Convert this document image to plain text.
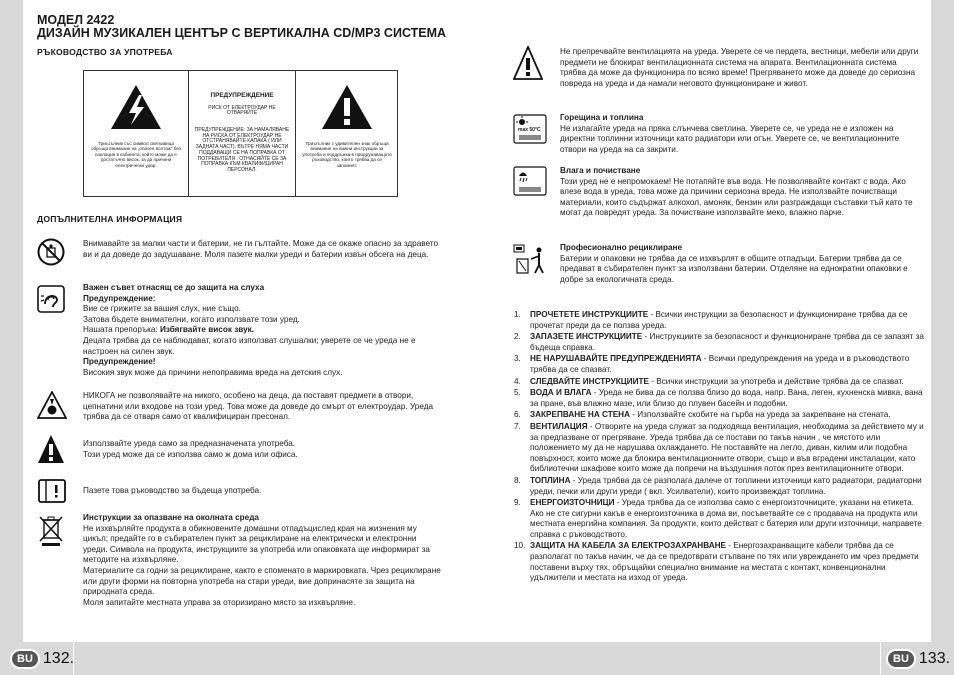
МОДЕЛ 2422
ДИЗАЙН МУЗИКАЛЕН ЦЕНТЪР С ВЕРТИКАЛНА CD/MP3 СИСТЕМА
РЪКОВОДСТВО ЗА УПОТРЕБА
Триъгълник със символ светкавица обръща внимание на „опасен волтаж" без изолация в кабинета, който може да е достатъчно висок, за да причини електрически удар.
ПРЕДУПРЕЖДЕНИЕ
РИСК ОТ ЕЛЕКТРОУДАР НЕ ОТВАРЯЙТЕ
ПРЕДУПРЕЖДЕНИЕ: ЗА НАМАЛЯВАНЕ НА РИСКА ОТ ЕЛЕКТРОУДАР НЕ ОТСТРАНЯВАЙТЕ КАПАКА ( ИЛИ ЗАДНАТА ЧАСТ). ВЪТРЕ НЯМА ЧАСТИ ПОДДАВАЩИ СЕ НА ПОПРАВКА ОТ ПОТРЕБИТЕЛЯ . ОТНАСЯЙТЕ СЕ ЗА ПОПРАВКА КЪМ КВАЛИФИЦИРАН ПЕРСОНАЛ.
Триъгълник с удивителен знак обръща внимание на важни инструкции за употреба и поддръжка в придружаващото ръководство, които трябва да се запомнят.
ДОПЪЛНИТЕЛНА ИНФОРМАЦИЯ
Внимавайте за малки части и батерии, не ги гълтайте. Може да се окаже опасно за здравето ви и да доведе до задушаване. Моля пазете малки уреди и батерии извън обсега на деца.
Важен съвет отнасящ се до защита на слуха
Предупреждение:
Вие се грижите за вашия слух, ние също.
Затова бъдете внимателни, когато използвате този уред.
Нашата препоръка: Избягвайте висок звук.
Децата трябва да се наблюдават, когато използват слушалки; уверете се че уреда не е настроен на силен звук.
Предупреждение!
Високия звук може да причини непоправима вреда на детския слух.
НИКОГА не позволявайте на никого, особено на деца, да поставят предмети в отвори, цепнатини или входове на този уред. Това може да доведе до смърт от електроудар. Уреда трябва да се отваря само от квалифициран пресонал.
Използвайте уреда само за предназначената употреба.
Този уред може да се използва само ж дома или офиса.
Пазете това ръководство за бъдеща употреба.
Инструкции за опазване на околната среда
Не изхвърляйте продукта в обикновените домашни отпадъцислед края на жизнения му цикъл; предайте го в събирателен пункт за рециклиране на електрически и електронни уреди. Символа на продукта, инструкциите за употреба или опаковката ще информират за методите на изхвърляне.
Материалите са годни за рециклиране, както е споменато в маркировката. Чрез рециклиране или други форми на повторна употреба на стари уреди, вие допринасяте за защита на природната среда.
Моля запитайте местната управа за оторизирано място за изхвърляне.
BU 132.
Не препречвайте вентилацията на уреда. Уверете се че пердета, вестници, мебели или други предмети не блокират вентилационната система на апарата. Вентилационната система трябва да може да функционира по всяко време! Прегряването може да доведе до сериозна повреда на уреда и да намали неговото функциониране и живот.
max 50°C
Горещина и топлина
Не излагайте уреда на пряка слънчева светлина. Уверете се, че уреда не е изложен на директни топлинни източници като радиатори или огън. Уверете се, че вентилационните отвори на уреда на са закрити.
Влага и почистване
Този уред не е непромокаем! Не потапяйте във вода. Не позволявайте контакт с вода. Ако влезе вода в уреда, това може да причини сериозна вреда. Не използвайте почистващи материали, които съдържат алкохол, амоняк, бензин или разграждащи съставки тъй като те могат да повредят уреда. За почистване използвайте меко, влажно парче.
Професионално рециклиране
Батерии и опаковки не трябва да се изхвърлят в общите отпадъци. Батерии трябва да се предават в събирателен пункт за използвани батерии. Отделяне на еднократни опаковки е добре за екологичната среда.
1.	ПРОЧЕТЕТЕ ИНСТРУКЦИИТЕ - Всички инструкции за безопасност и функциониране трябва да се прочетат преди да се ползва уреда.
2.	ЗАПАЗЕТЕ ИНСТРУКЦИИТЕ - Инструкциите за безопасност и функциониране трябва да се запазят за бъдеща справка.
3.	НЕ НАРУШАВАЙТЕ ПРЕДУПРЕЖДЕНИЯТА - Всички предупреждения на уреда и в ръководството трябва да се спазват.
4.	СЛЕДВАЙТЕ ИНСТРУКЦИИТЕ - Всички инструкции за употреба и действие трябва да се спазват.
5.	ВОДА И ВЛАГА - Уреда не бива да се ползва близо до вода, напр. Вана, леген, кухненска мивка, вана за пране, във влажно мазе, или близо до плувен басейн и подобни.
6.	ЗАКРЕПВАНЕ НА СТЕНА - Използвайте скобите на гърба на уреда за закрепване на стената.
7.	ВЕНТИЛАЦИЯ - Отворите на уреда служат за подходяща вентилация, необходима за действието му и за предпазване от прегряване. Уреда трябва да се постави по такъв начин , че мястото или положението му да не нарушава охлаждането. Не поставяйте на легло, диван, килим или подобна повърхност, които може да блокира вентилационните отвори, също и във вградени инсталации, като библиотечни шкафове които може да попречи на въздушния поток през вентилационните отвори.
8.	ТОПЛИНА - Уреда трябва да се разполага далече от топлинни източници като радиатори, радиаторни уреди, печки или други уреди ( вкл. Усилватели), които произвеждат топлина.
9.	ЕНЕРГОИЗТОЧНИЦИ - Уреда трябва да се използва само с енергоизточниците, указани на етикета. Ако не сте сигурни какъв е енергоизточника в дома ви, посъветвайте се с продавача на продукта или местната енергийна компания. За продукти, които действат с батерия или други източници, направете справка с ръководството.
10. ЗАЩИТА НА КАБЕЛА ЗА ЕЛЕКТРОЗАХРАНВАНЕ - Енергозахранващите кабели трябва да се разполагат по такъв начин, че да се предотврати стъпване по тях или увреждането им чрез предмети поставени върху тях, обръщайки специално внимание на местата с контакт, конвенционални удължители и местата на изход от уреда.
BU 133.
